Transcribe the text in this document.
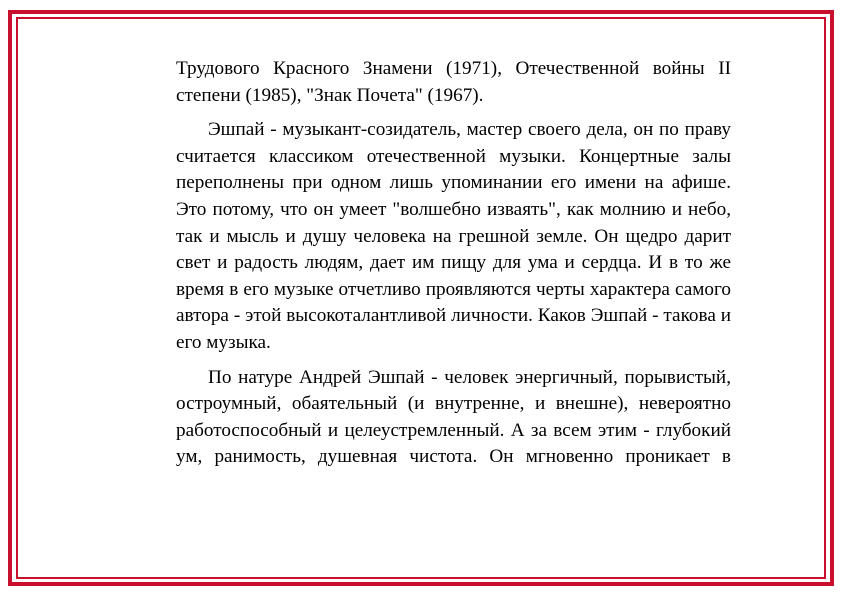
Трудового Красного Знамени (1971), Отечественной войны II степени (1985), "Знак Почета" (1967).

Эшпай - музыкант-созидатель, мастер своего дела, он по праву считается классиком отечественной музыки. Концертные залы переполнены при одном лишь упоминании его имени на афише. Это потому, что он умеет "волшебно изваять", как молнию и небо, так и мысль и душу человека на грешной земле. Он щедро дарит свет и радость людям, дает им пищу для ума и сердца. И в то же время в его музыке отчетливо проявляются черты характера самого автора - этой высокоталантливой личности. Каков Эшпай - такова и его музыка.

По натуре Андрей Эшпай - человек энергичный, порывистый, остроумный, обаятельный (и внутренне, и внешне), невероятно работоспособный и целеустремленный. А за всем этим - глубокий ум, ранимость, душевная чистота. Он мгновенно проникает в
